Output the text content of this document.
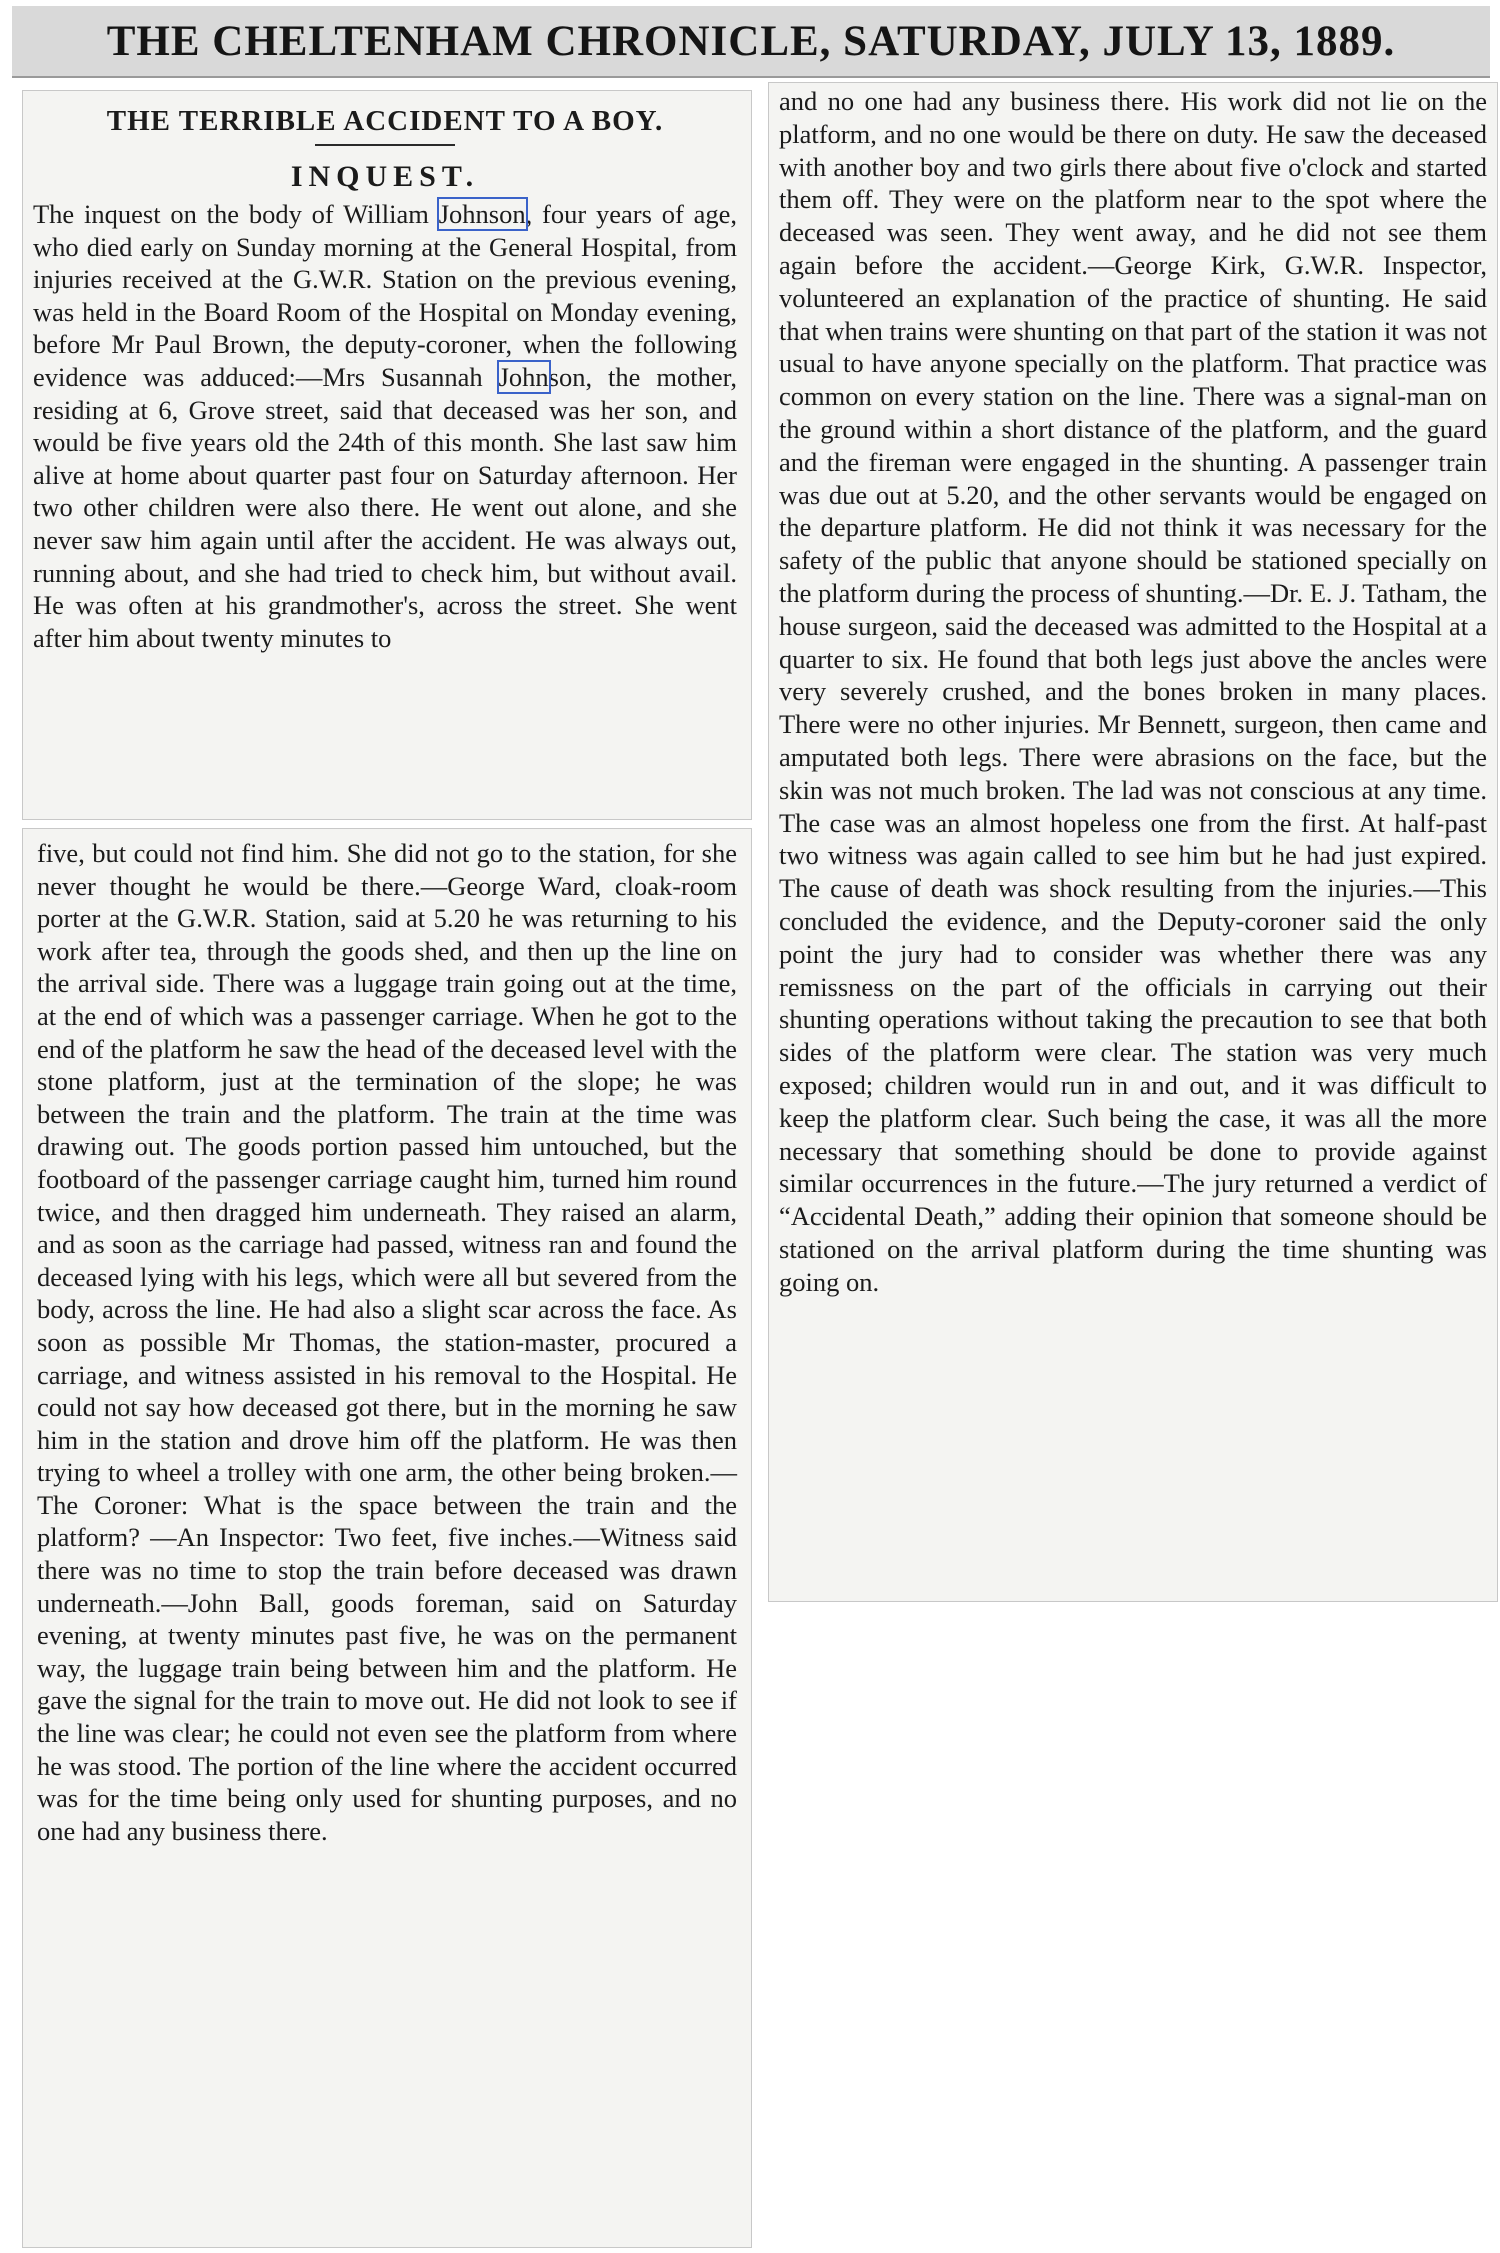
THE CHELTENHAM CHRONICLE, SATURDAY, JULY 13, 1889.
THE TERRIBLE ACCIDENT TO A BOY.
INQUEST.

The inquest on the body of William Johnson, four years of age, who died early on Sunday morning at the General Hospital, from injuries received at the G.W.R. Station on the previous evening, was held in the Board Room of the Hospital on Monday evening, before Mr Paul Brown, the deputy-coroner, when the following evidence was adduced:—Mrs Susannah Johnson, the mother, residing at 6, Grove street, said that deceased was her son, and would be five years old the 24th of this month. She last saw him alive at home about quarter past four on Saturday afternoon. Her two other children were also there. He went out alone, and she never saw him again until after the accident. He was always out, running about, and she had tried to check him, but without avail. He was often at his grandmother's, across the street. She went after him about twenty minutes to

five, but could not find him. She did not go to the station, for she never thought he would be there.—George Ward, cloak-room porter at the G.W.R. Station, said at 5.20 he was returning to his work after tea, through the goods shed, and then up the line on the arrival side. There was a luggage train going out at the time, at the end of which was a passenger carriage. When he got to the end of the platform he saw the head of the deceased level with the stone platform, just at the termination of the slope; he was between the train and the platform. The train at the time was drawing out. The goods portion passed him untouched, but the footboard of the passenger carriage caught him, turned him round twice, and then dragged him underneath. They raised an alarm, and as soon as the carriage had passed, witness ran and found the deceased lying with his legs, which were all but severed from the body, across the line. He had also a slight scar across the face. As soon as possible Mr Thomas, the station-master, procured a carriage, and witness assisted in his removal to the Hospital. He could not say how deceased got there, but in the morning he saw him in the station and drove him off the platform. He was then trying to wheel a trolley with one arm, the other being broken.—The Coroner: What is the space between the train and the platform? —An Inspector: Two feet, five inches.—Witness said there was no time to stop the train before deceased was drawn underneath.—John Ball, goods foreman, said on Saturday evening, at twenty minutes past five, he was on the permanent way, the luggage train being between him and the platform. He gave the signal for the train to move out. He did not look to see if the line was clear; he could not even see the platform from where he was stood. The portion of the line where the accident occurred was for the time being only used for shunting purposes, and no one had any business there.

and no one had any business there. His work did not lie on the platform, and no one would be there on duty. He saw the deceased with another boy and two girls there about five o'clock and started them off. They were on the platform near to the spot where the deceased was seen. They went away, and he did not see them again before the accident.—George Kirk, G.W.R. Inspector, volunteered an explanation of the practice of shunting. He said that when trains were shunting on that part of the station it was not usual to have anyone specially on the platform. That practice was common on every station on the line. There was a signal-man on the ground within a short distance of the platform, and the guard and the fireman were engaged in the shunting. A passenger train was due out at 5.20, and the other servants would be engaged on the departure platform. He did not think it was necessary for the safety of the public that anyone should be stationed specially on the platform during the process of shunting.—Dr. E. J. Tatham, the house surgeon, said the deceased was admitted to the Hospital at a quarter to six. He found that both legs just above the ancles were very severely crushed, and the bones broken in many places. There were no other injuries. Mr Bennett, surgeon, then came and amputated both legs. There were abrasions on the face, but the skin was not much broken. The lad was not conscious at any time. The case was an almost hopeless one from the first. At half-past two witness was again called to see him but he had just expired. The cause of death was shock resulting from the injuries.—This concluded the evidence, and the Deputy-coroner said the only point the jury had to consider was whether there was any remissness on the part of the officials in carrying out their shunting operations without taking the precaution to see that both sides of the platform were clear. The station was very much exposed; children would run in and out, and it was difficult to keep the platform clear. Such being the case, it was all the more necessary that something should be done to provide against similar occurrences in the future.—The jury returned a verdict of “Accidental Death,” adding their opinion that someone should be stationed on the arrival platform during the time shunting was going on.
